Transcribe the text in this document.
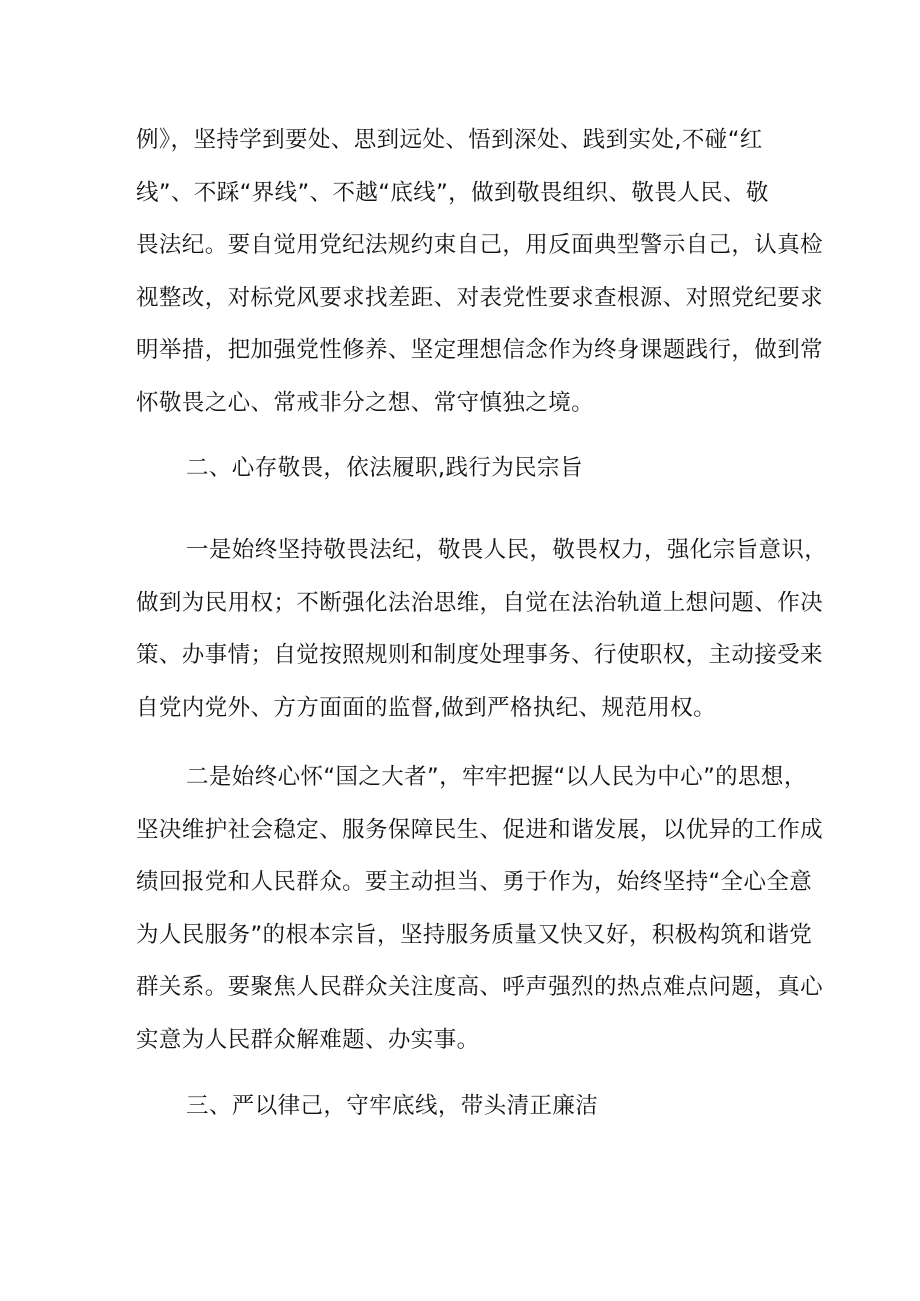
例》，坚持学到要处、思到远处、悟到深处、践到实处,不碰“红
线”、不踩“界线”、不越“底线”，做到敬畏组织、敬畏人民、敬
畏法纪。要自觉用党纪法规约束自己，用反面典型警示自己，认真检
视整改，对标党风要求找差距、对表党性要求查根源、对照党纪要求
明举措，把加强党性修养、坚定理想信念作为终身课题践行，做到常
怀敬畏之心、常戒非分之想、常守慎独之境。
二、心存敬畏，依法履职,践行为民宗旨
一是始终坚持敬畏法纪，敬畏人民，敬畏权力，强化宗旨意识，
做到为民用权；不断强化法治思维，自觉在法治轨道上想问题、作决
策、办事情；自觉按照规则和制度处理事务、行使职权，主动接受来
自党内党外、方方面面的监督,做到严格执纪、规范用权。
二是始终心怀“国之大者”，牢牢把握“以人民为中心”的思想，
坚决维护社会稳定、服务保障民生、促进和谐发展，以优异的工作成
绩回报党和人民群众。要主动担当、勇于作为，始终坚持“全心全意
为人民服务”的根本宗旨，坚持服务质量又快又好，积极构筑和谐党
群关系。要聚焦人民群众关注度高、呼声强烈的热点难点问题，真心
实意为人民群众解难题、办实事。
三、严以律己，守牢底线，带头清正廉洁
